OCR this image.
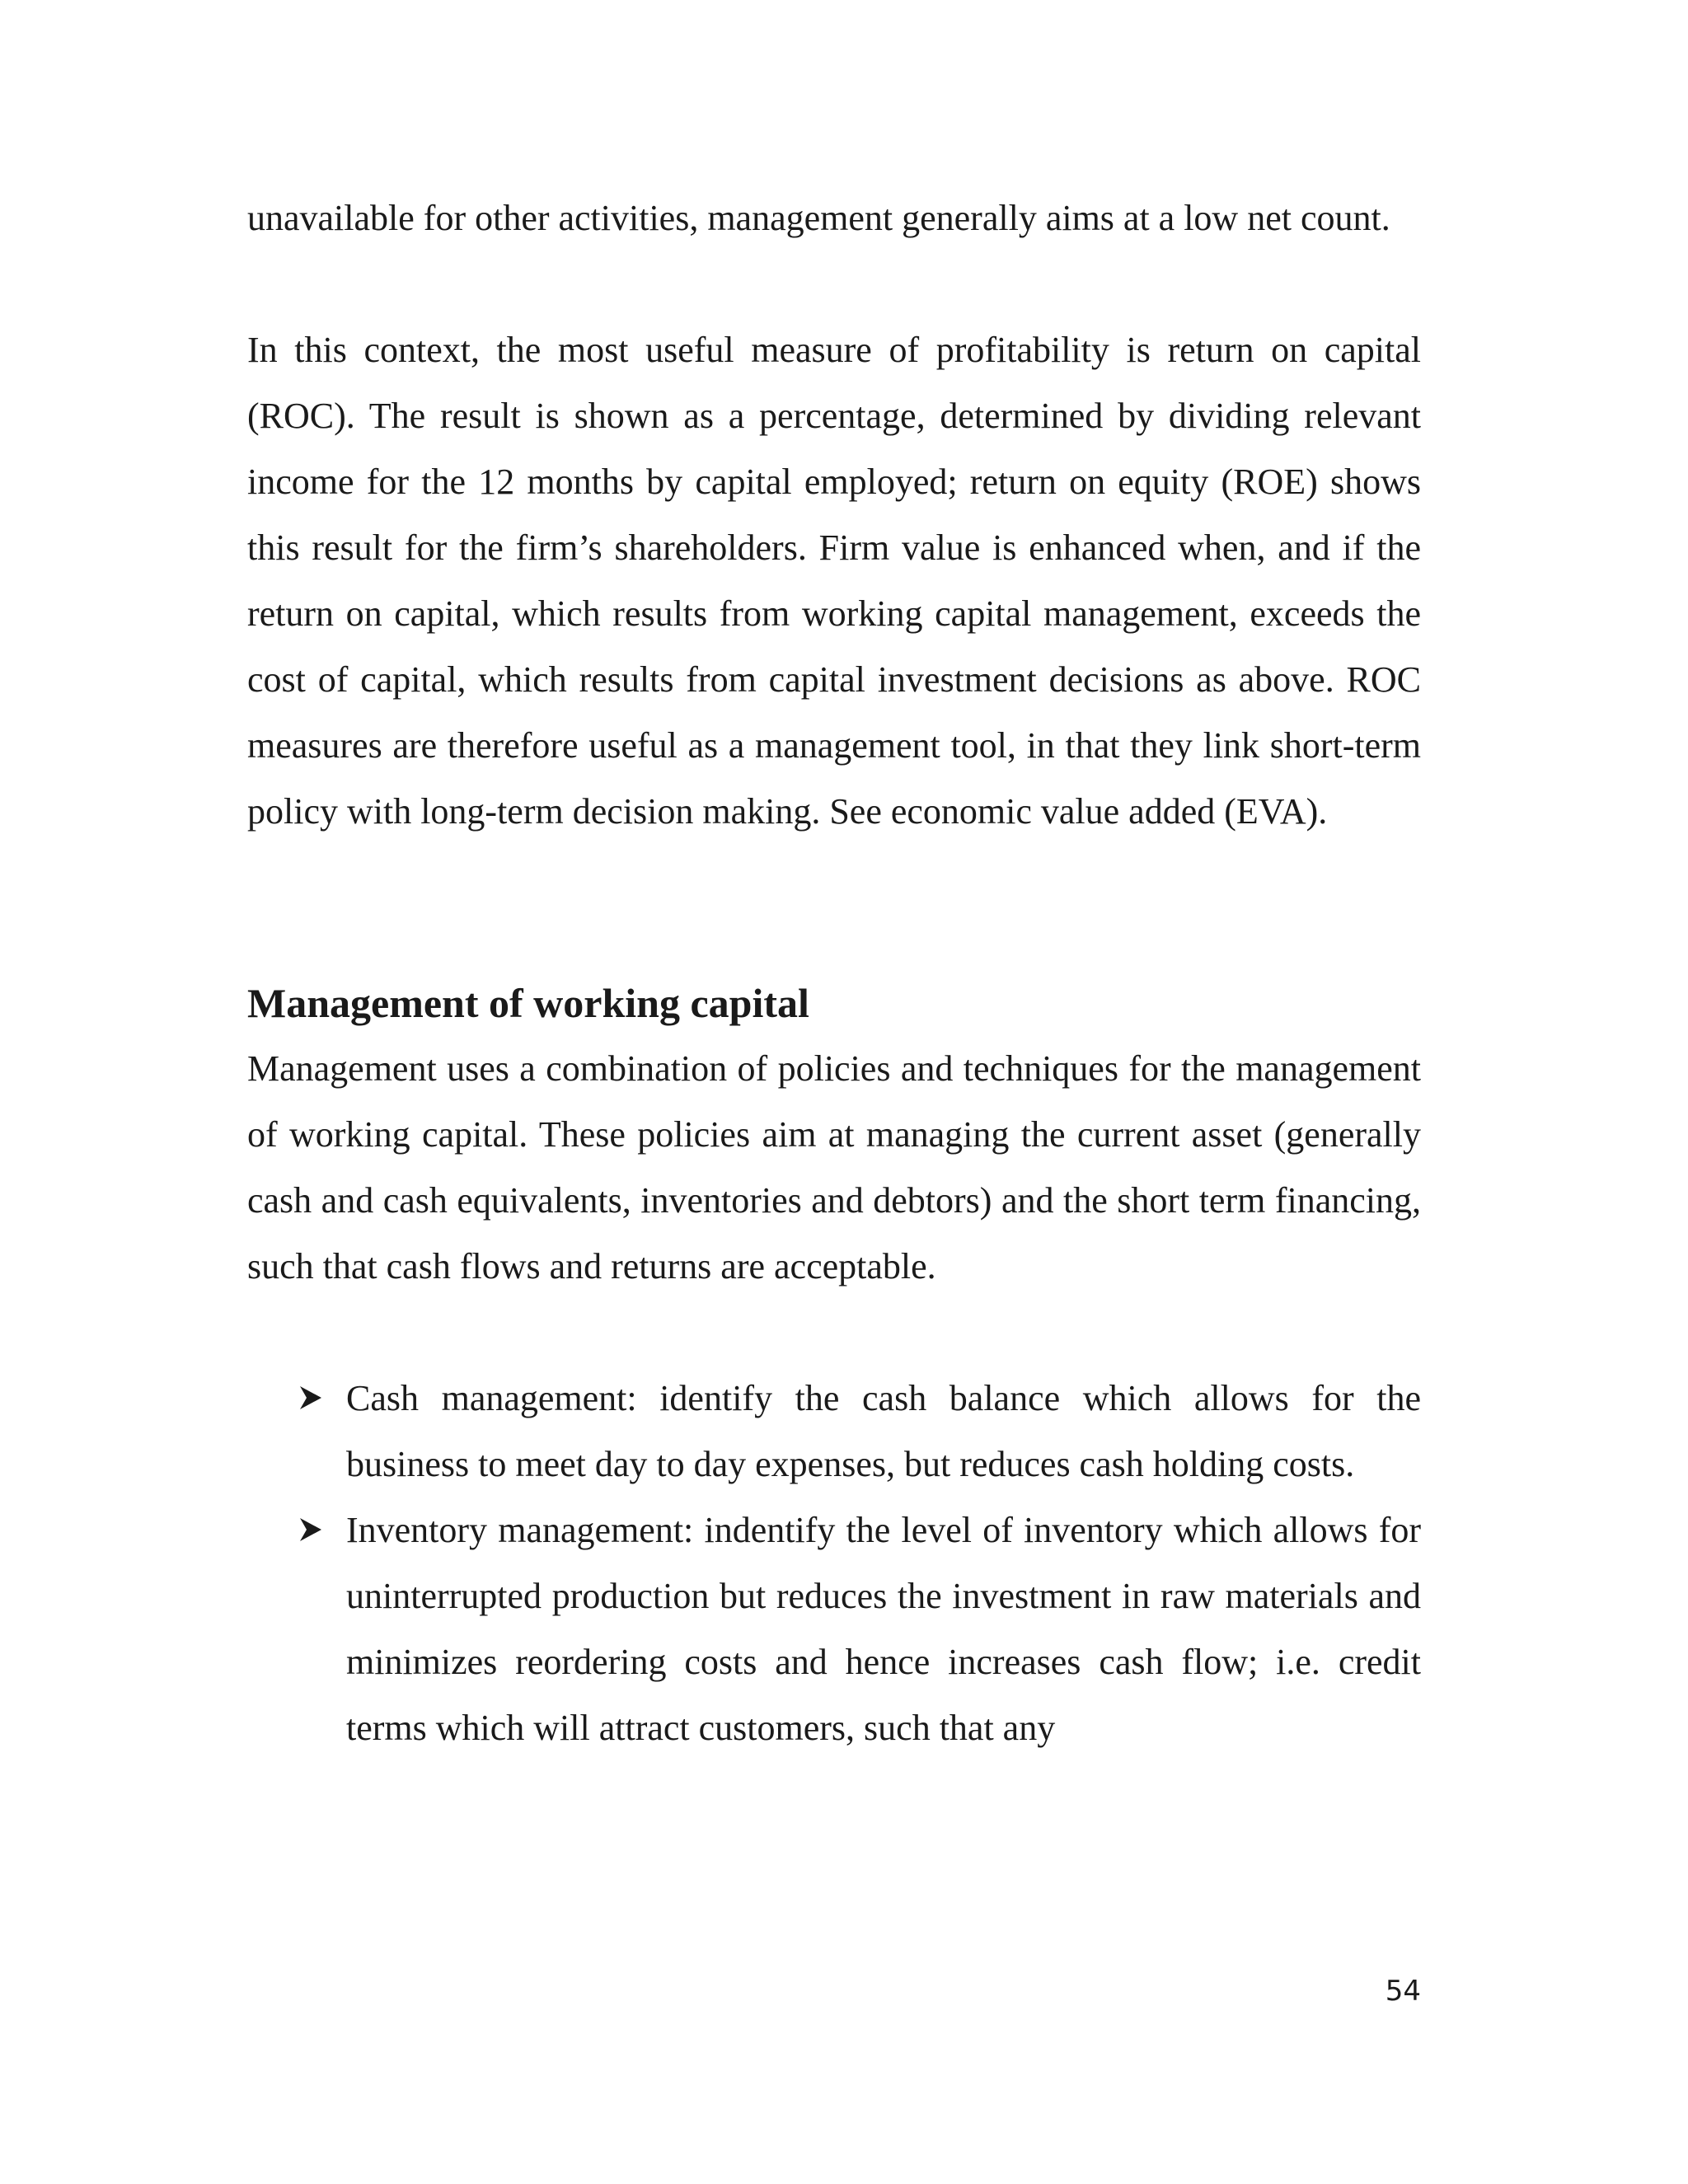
unavailable for other activities, management generally aims at a low net count.

In this context, the most useful measure of profitability is return on capital (ROC). The result is shown as a percentage, determined by dividing relevant income for the 12 months by capital employed; return on equity (ROE) shows this result for the firm’s shareholders. Firm value is enhanced when, and if the return on capital, which results from working capital management, exceeds the cost of capital, which results from capital investment decisions as above. ROC measures are therefore useful as a management tool, in that they link short-term policy with long-term decision making. See economic value added (EVA).

Management of working capital

Management uses a combination of policies and techniques for the management of working capital. These policies aim at managing the current asset (generally cash and cash equivalents, inventories and debtors) and the short term financing, such that cash flows and returns are acceptable.

Cash management: identify the cash balance which allows for the business to meet day to day expenses, but reduces cash holding costs.
Inventory management: indentify the level of inventory which allows for uninterrupted production but reduces the investment in raw materials and minimizes reordering costs and hence increases cash flow; i.e. credit terms which will attract customers, such that any
54
